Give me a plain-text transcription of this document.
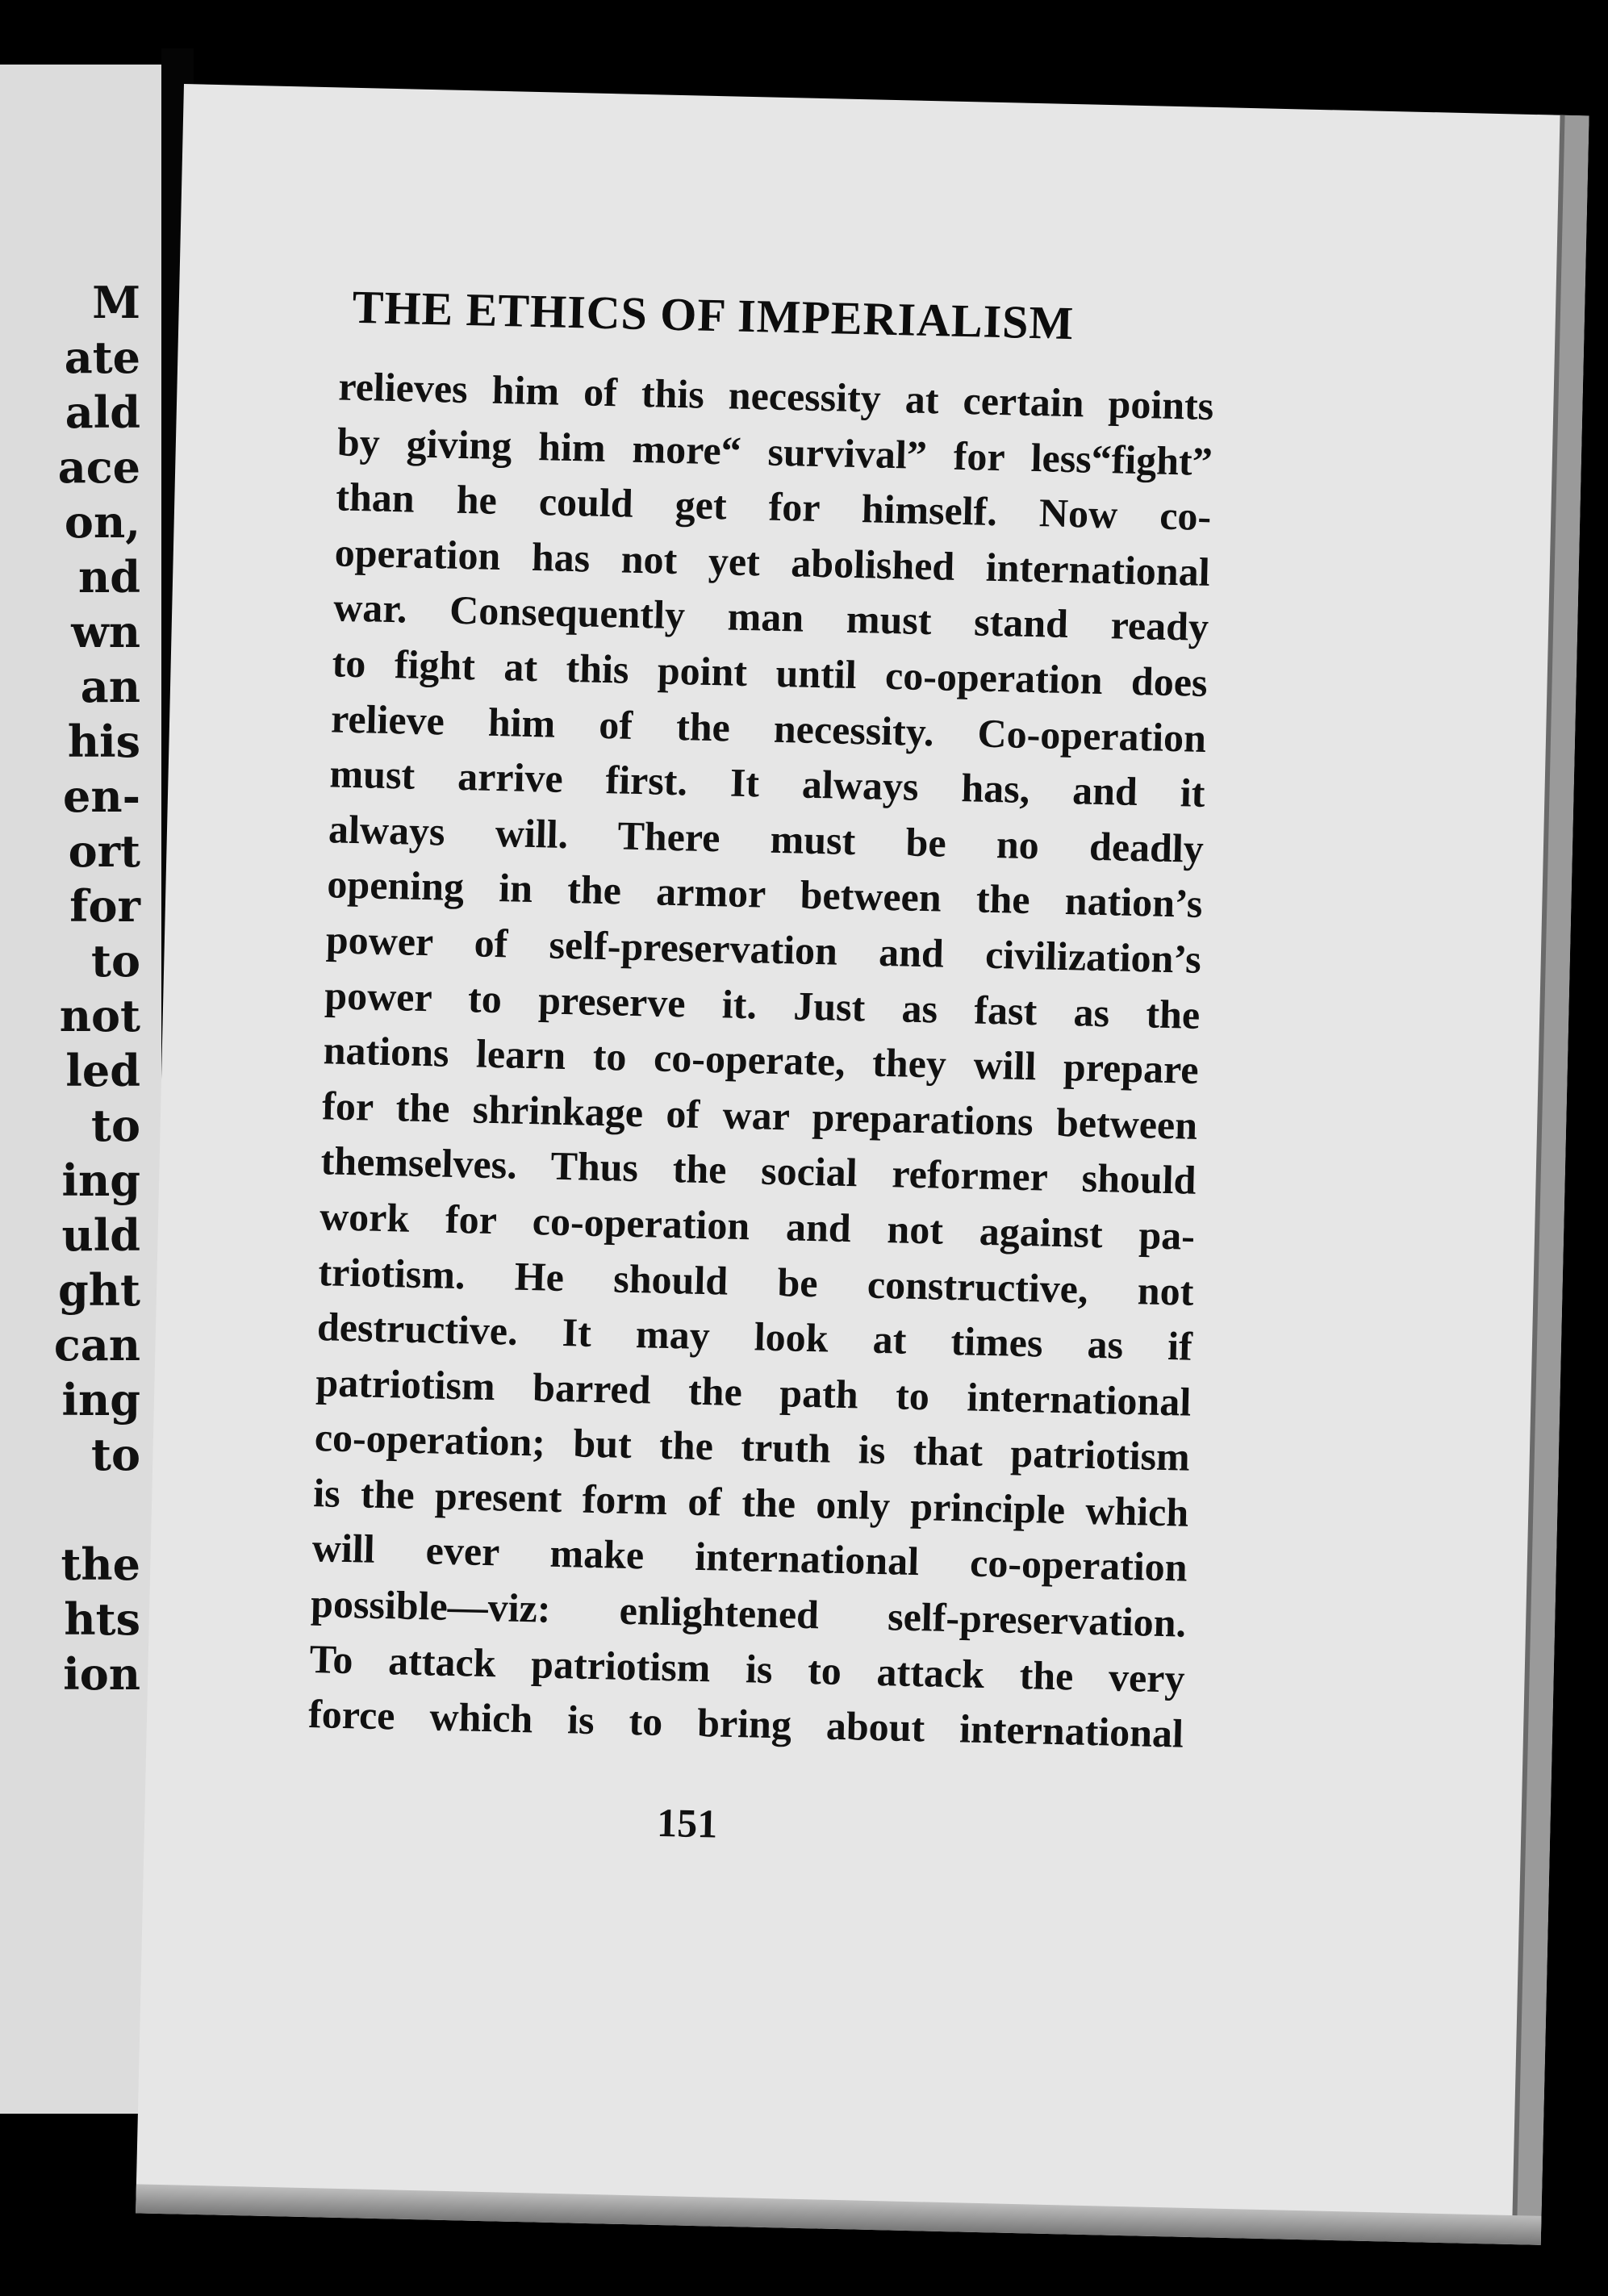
M
ate
ald
ace
on,
nd
wn
an
his
en-
ort
for
to
not
led
to
ing
uld
ght
can
ing
to
the
hts
ion
THE ETHICS OF IMPERIALISM
relieves him of this necessity at certain points
by giving him more“ survival” for less“fight”
than he could get for himself. Now co-
operation has not yet abolished international
war. Consequently man must stand ready
to fight at this point until co-operation does
relieve him of the necessity. Co-operation
must arrive first. It always has, and it
always will. There must be no deadly
opening in the armor between the nation’s
power of self-preservation and civilization’s
power to preserve it. Just as fast as the
nations learn to co-operate, they will prepare
for the shrinkage of war preparations between
themselves. Thus the social reformer should
work for co-operation and not against pa-
triotism. He should be constructive, not
destructive. It may look at times as if
patriotism barred the path to international
co-operation; but the truth is that patriotism
is the present form of the only principle which
will ever make international co-operation
possible—viz: enlightened self-preservation.
To attack patriotism is to attack the very
force which is to bring about international
151
